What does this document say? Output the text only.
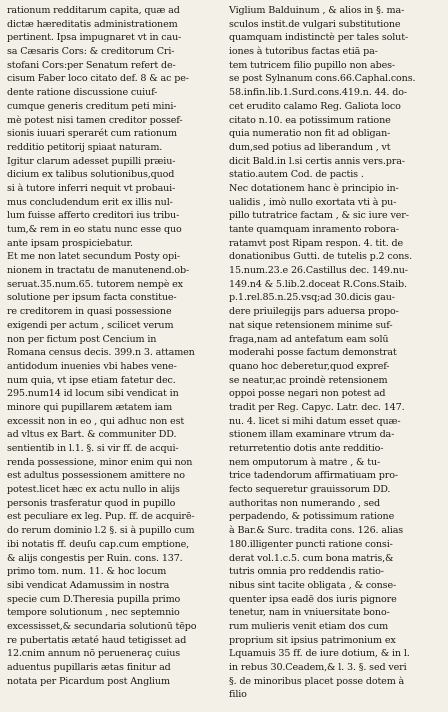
rationum redditarum capita, quæ ad
dictæ hæreditatis administrationem
pertinent. Ipsa impugnaret vt in cau-
sa Cæsaris Cors: & creditorum Cri-
stofani Cors:per Senatum refert de-
cisum Faber loco citato def. 8 & ac pe-
dente ratione discussione cuiuf-
cumque generis creditum peti mini-
mè potest nisi tamen creditor possef-
sionis iuuari sperarét cum rationum
redditio petitorij spiaat naturam.
Igitur clarum adesset pupilli præiu-
dicium ex talibus solutionibus,quod
si à tutore inferri nequit vt probaui-
mus concludendum erit ex illis nul-
lum fuisse afferto creditori ius tribu-
tum,& rem in eo statu nunc esse quo
ante ipsam prospiciebatur.
Et me non latet secundum Posty opi-
nionem in tractatu de manutenend.ob-
seruat.35.num.65. tutorem nempè ex
solutione per ipsum facta constitue-
re creditorem in quasi possessione
exigendi per actum , scilicet verum
non per fictum post Cencium in
Romana census decis. 399.n 3. attamen
antidodum inuenies vbi habes vene-
num quia, vt ipse etiam fatetur dec.
295.num14 id locum sibi vendicat in
minore qui pupillarem ætatem iam
excessit non in eo , qui adhuc non est
ad vltus ex Bart. & communiter DD.
sentientib in l.1. §. si vir ff. de acqui-
renda possessione, minor enim qui non
est adultus possessionem amittere no
potest.licet hæc ex actu nullo in alijs
personis trasferatur quod in pupillo
est peculiare ex leg. Pup. ff. de acquirē-
do rerum dominio l.2 §. si à pupillo cum
ibi notatis ff. deuſu cap.cum emptione,
& alijs congestis per Ruin. cons. 137.
primo tom. num. 11. & hoc locum
sibi vendicat Adamussim in nostra
specie cum D.Theresia pupilla primo
tempore solutionum , nec septemnio
excessisset,& secundaria solutionū tēpo
re pubertatis ætaté haud tetigisset ad
12.cnim annum nō perueneraç cuius
aduentus pupillaris ætas finitur ad
notata per Picardum post Anglium
Viglium Balduinum , & alios in §. ma-
sculos instit.de vulgari substitutione
quamquam indistinctè per tales solut-
iones à tutoribus factas etiā pa-
tem tutricem filio pupillo non abes-
se post Sylnanum cons.66.Caphal.cons.
58.infin.lib.1.Surd.cons.419.n. 44. do-
cet erudito calamo Reg. Galiota loco
citato n.10. ea potissimum ratione
quia numeratio non fit ad obligan-
dum,sed potius ad liberandum , vt
dicit Bald.in l.si certis annis vers.pra-
statio.autem Cod. de pactis .
Nec dotationem hanc è principio in-
ualidis , imò nullo exortata vti à pu-
pillo tutratrice factam , & sic iure ver-
tante quamquam inramento robora-
ratamvt post Ripam respon. 4. tit. de
donationibus Gutti. de tutelis p.2 cons.
15.num.23.e 26.Castillus dec. 149.nu-
149.n4 & 5.lib.2.doceat R.Cons.Staib.
p.1.rel.85.n.25.vsq;ad 30.dicis gau-
dere priuilegijs pars aduersa propo-
nat sique retensionem minime suf-
fraga,nam ad antefatum eam solū
moderahi posse factum demonstrat
quano hoc deberetur,quod expref-
se neatur,ac proindè retensionem
oppoi posse negari non potest ad
tradit per Reg. Capyc. Latr. dec. 147.
nu. 4. licet si mihi datum esset quæ-
stionem illam examinare vtrum da-
returretentio dotis ante redditio-
nem omputorum à matre , & tu-
trice tadendorum affirmatiuam pro-
fecto sequeretur grauissorum DD.
authoritas non numerando , sed
perpadendo, & potissimum ratione
à Bar.& Surc. tradita cons. 126. alias
180.illigenter puncti ratione consi-
derat vol.1.c.5. cum bona matris,&
tutris omnia pro reddendis ratio-
nibus sint tacite obligata , & conse-
quenter ipsa eadē dos iuris pignore
tenetur, nam in vniuersitate bono-
rum mulieris venit etiam dos cum
proprium sit ipsius patrimonium ex
Lquamuis 35 ff. de iure dotium, & in l.
in rebus 30.Ceadem,& l. 3. §. sed veri
§. de minoribus placet posse dotem à
filio
